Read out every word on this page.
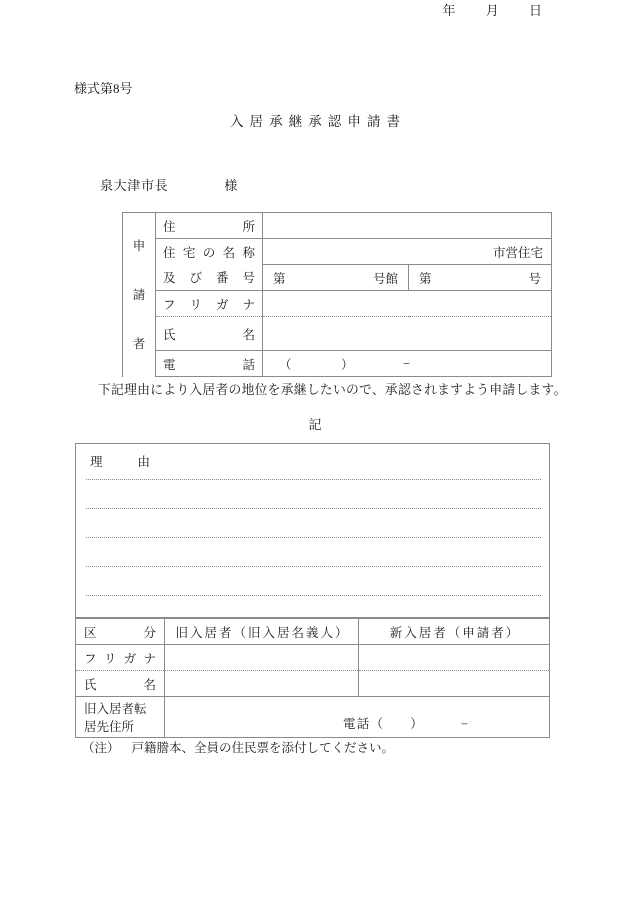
様式第8号
入居承継承認申請書
年 月 日
泉大津市長	様
申
請
者	住 所		

	住 宅 の 名 称	市営住宅	

	及 び 番 号	第 号館	第 号

	フ リ ガ ナ		

	氏 名		

	電 話	（ ） −	
下記理由により入居者の地位を承継したいので、承認されますよう申請します。
記
理　由
区 分	旧入居者（旧入居名義人）	新入居者（申請者）

フ リ ガ ナ		

氏 名		

旧入居者転居先住所	電話（ ） −	
（注） 戸籍謄本、全員の住民票を添付してください。
